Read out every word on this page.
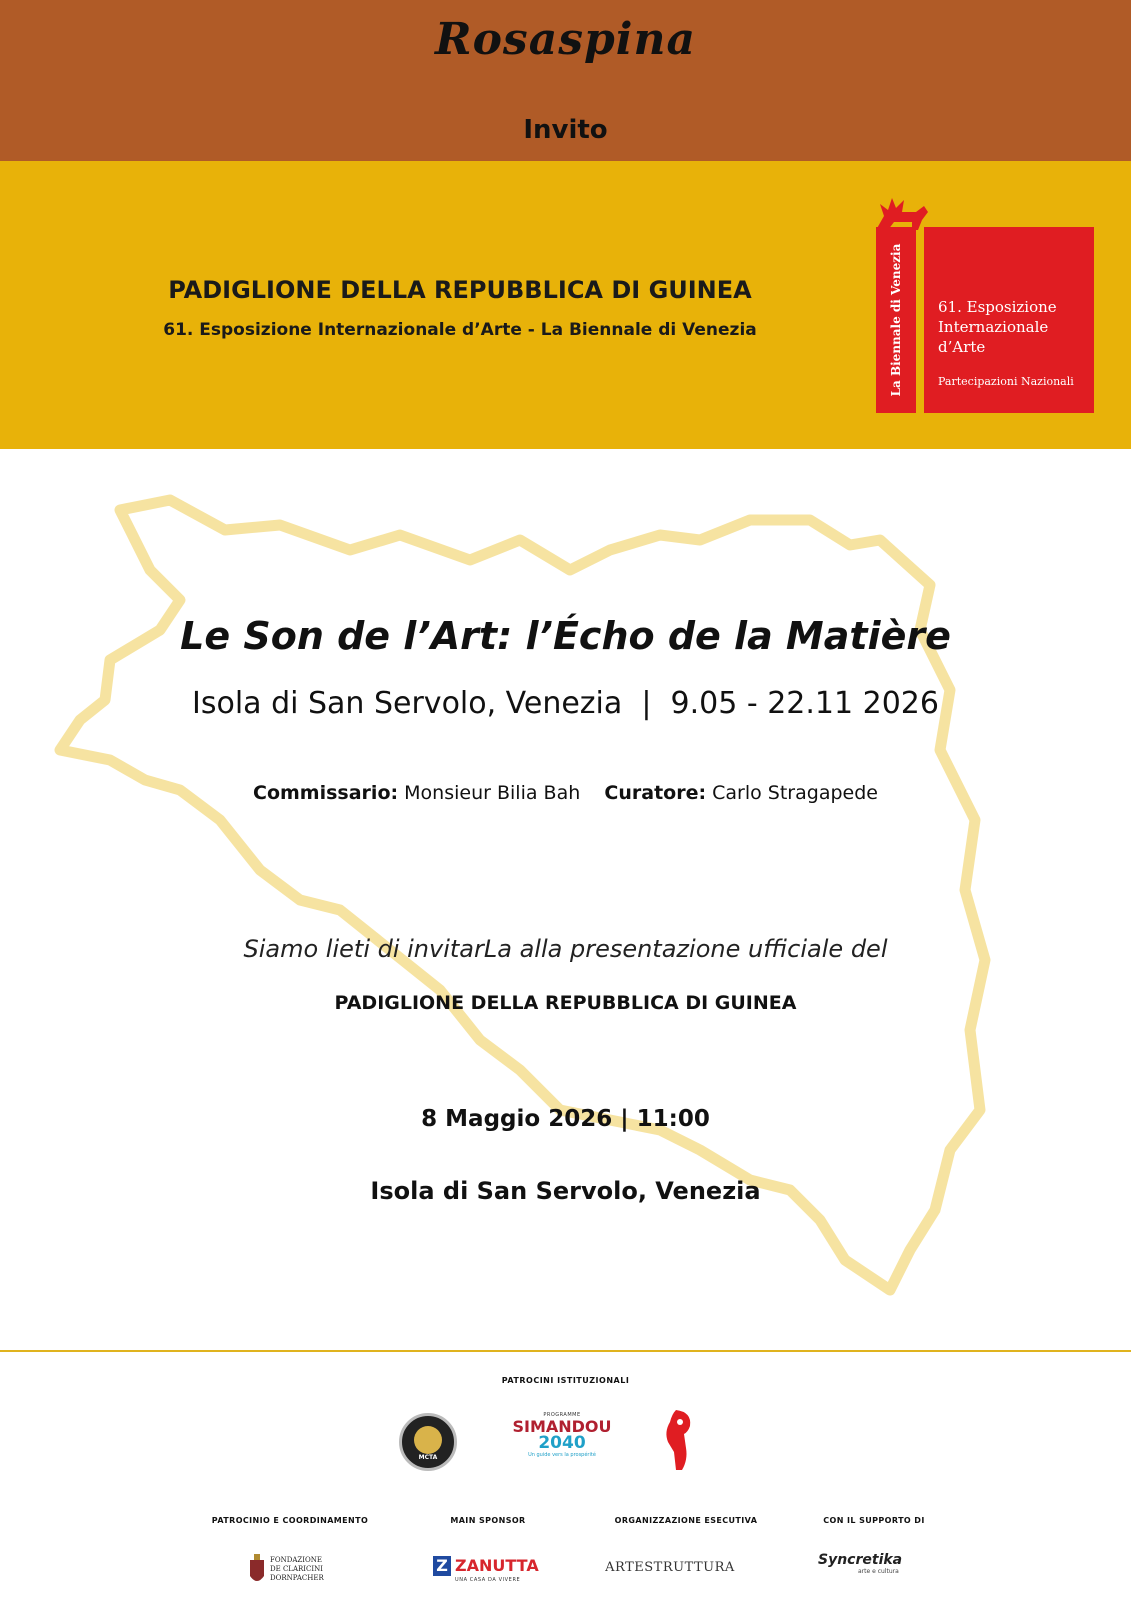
Rosaspina
Invito
PADIGLIONE DELLA REPUBBLICA DI GUINEA
61. Esposizione Internazionale d’Arte - La Biennale di Venezia	La Biennale di Venezia	61. Esposizione
Internazionale
d’Arte
Partecipazioni Nazionali
Le Son de l’Art: l’Écho de la Matière
Isola di San Servolo, Venezia  |  9.05 - 22.11 2026
Commissario: Monsieur Bilia Bah Curatore: Carlo Stragapede
Siamo lieti di invitarLa alla presentazione ufficiale del
PADIGLIONE DELLA REPUBBLICA DI GUINEA
8 Maggio 2026 | 11:00
Isola di San Servolo, Venezia
PATROCINI ISTITUZIONALI
MCTA
PROGRAMME
SIMANDOU
2040
Un guide vers la prospérité
PATROCINIO E COORDINAMENTO	MAIN SPONSOR	ORGANIZZAZIONE ESECUTIVA	CON IL SUPPORTO DI
FONDAZIONE
DE CLARICINI
DORNPACHER
Z ZANUTTA
UNA CASA DA VIVERE
ARTESTRUTTURA	Syncretika
arte e cultura
